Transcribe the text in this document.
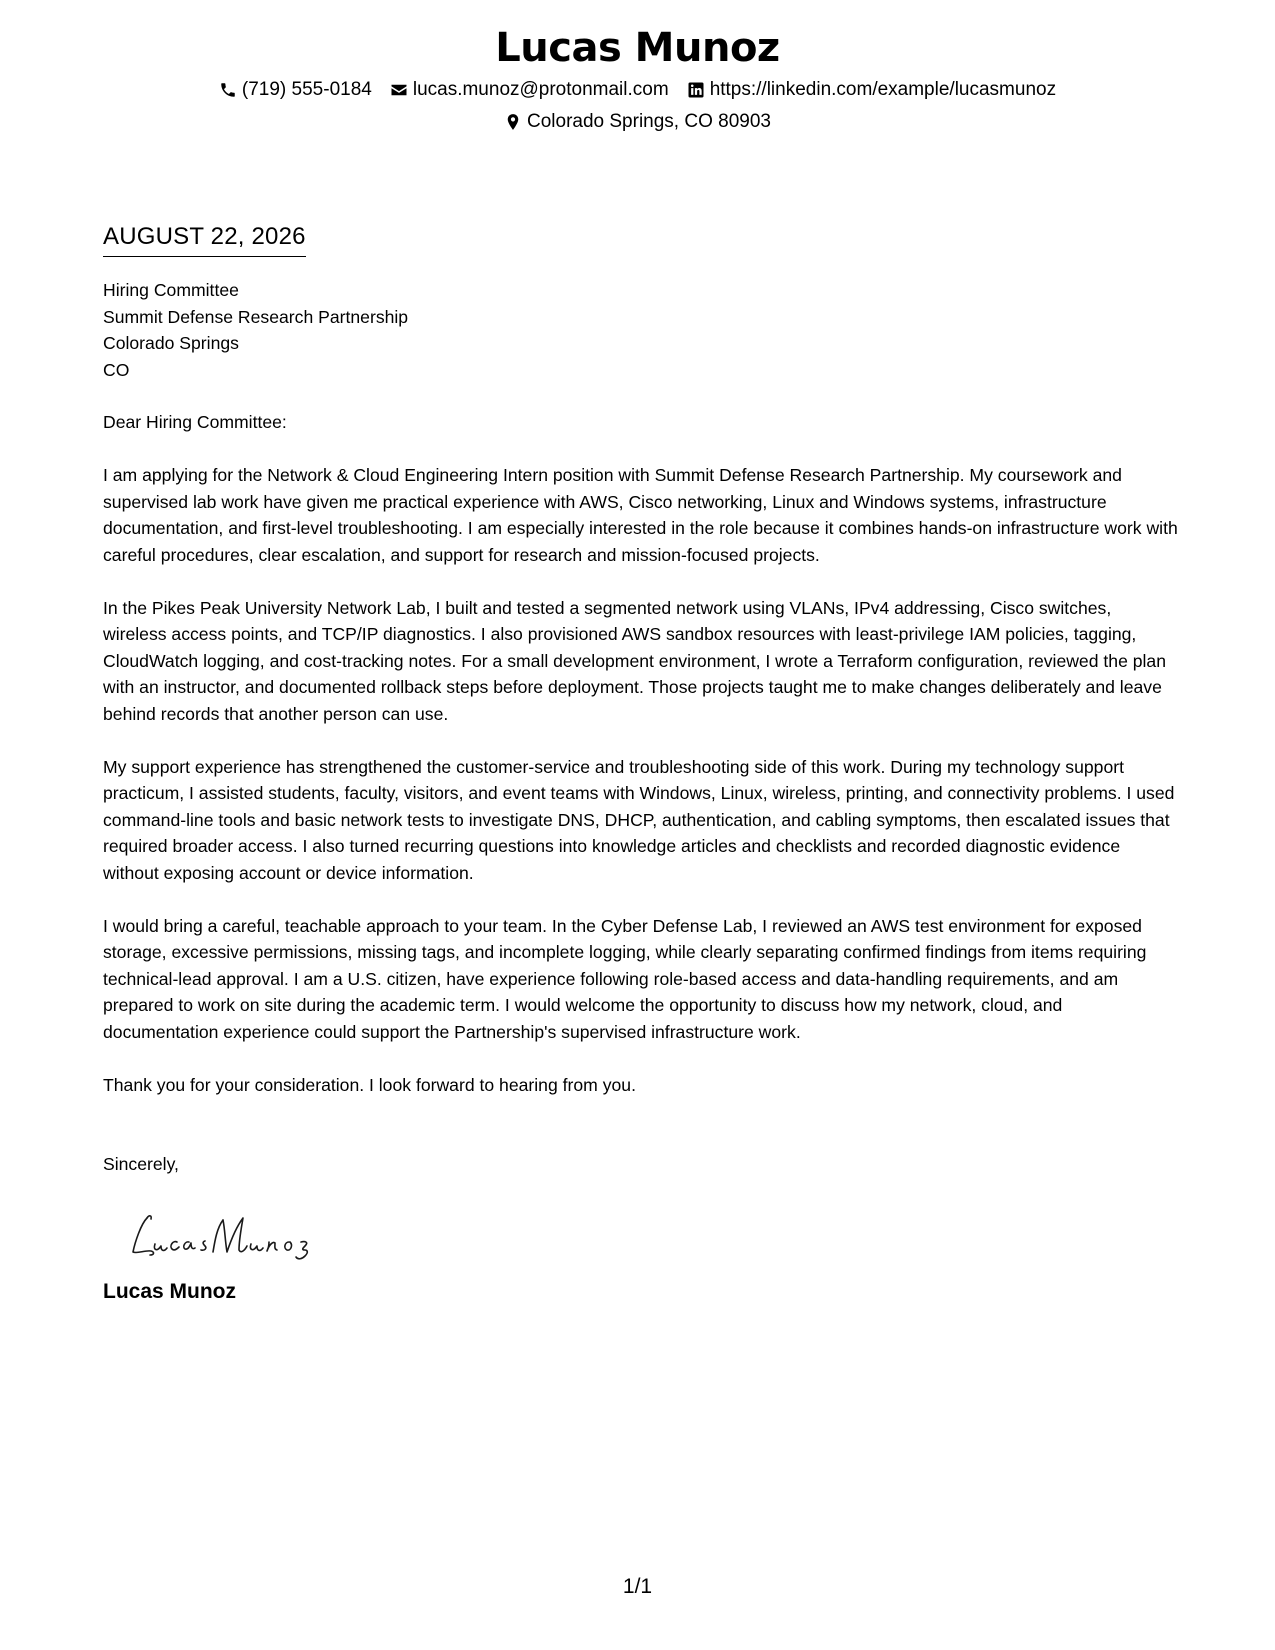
Lucas Munoz
(719) 555-0184 lucas.munoz@protonmail.com https://linkedin.com/example/lucasmunoz
Colorado Springs, CO 80903
AUGUST 22, 2026
Hiring Committee
Summit Defense Research Partnership
Colorado Springs
CO
Dear Hiring Committee:
I am applying for the Network & Cloud Engineering Intern position with Summit Defense Research Partnership. My coursework and supervised lab work have given me practical experience with AWS, Cisco networking, Linux and Windows systems, infrastructure documentation, and first-level troubleshooting. I am especially interested in the role because it combines hands-on infrastructure work with careful procedures, clear escalation, and support for research and mission-focused projects.
In the Pikes Peak University Network Lab, I built and tested a segmented network using VLANs, IPv4 addressing, Cisco switches, wireless access points, and TCP/IP diagnostics. I also provisioned AWS sandbox resources with least-privilege IAM policies, tagging, CloudWatch logging, and cost-tracking notes. For a small development environment, I wrote a Terraform configuration, reviewed the plan with an instructor, and documented rollback steps before deployment. Those projects taught me to make changes deliberately and leave behind records that another person can use.
My support experience has strengthened the customer-service and troubleshooting side of this work. During my technology support practicum, I assisted students, faculty, visitors, and event teams with Windows, Linux, wireless, printing, and connectivity problems. I used command-line tools and basic network tests to investigate DNS, DHCP, authentication, and cabling symptoms, then escalated issues that required broader access. I also turned recurring questions into knowledge articles and checklists and recorded diagnostic evidence without exposing account or device information.
I would bring a careful, teachable approach to your team. In the Cyber Defense Lab, I reviewed an AWS test environment for exposed storage, excessive permissions, missing tags, and incomplete logging, while clearly separating confirmed findings from items requiring technical-lead approval. I am a U.S. citizen, have experience following role-based access and data-handling requirements, and am prepared to work on site during the academic term. I would welcome the opportunity to discuss how my network, cloud, and documentation experience could support the Partnership's supervised infrastructure work.
Thank you for your consideration. I look forward to hearing from you.
Sincerely,
Lucas Munoz
1/1
